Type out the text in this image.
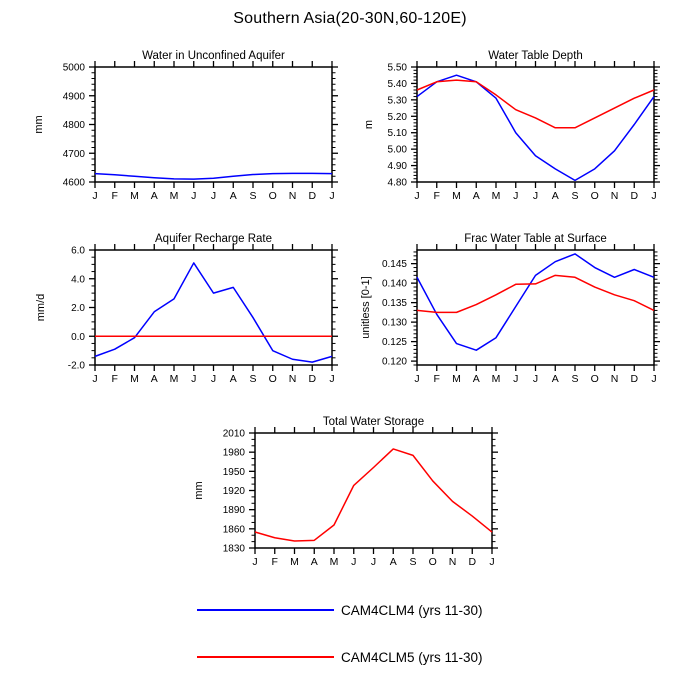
Southern Asia(20-30N,60-120E)
J F M A M J J A S O N D J
4600
4700
4800
4900
5000
Water in Unconfined Aquifer
mm
J F M A M J J A S O N D J
4.80
4.90
5.00
5.10
5.20
5.30
5.40
5.50
Water Table Depth
m
J F M A M J J A S O N D J
-2.0
0.0
2.0
4.0
6.0
Aquifer Recharge Rate
mm/d
J F M A M J J A S O N D J
0.120
0.125
0.130
0.135
0.140
0.145
Frac Water Table at Surface
unitless [0-1]
J F M A M J J A S O N D J
1830
1860
1890
1920
1950
1980
2010
Total Water Storage
mm
CAM4CLM4 (yrs 11-30)
CAM4CLM5 (yrs 11-30)
